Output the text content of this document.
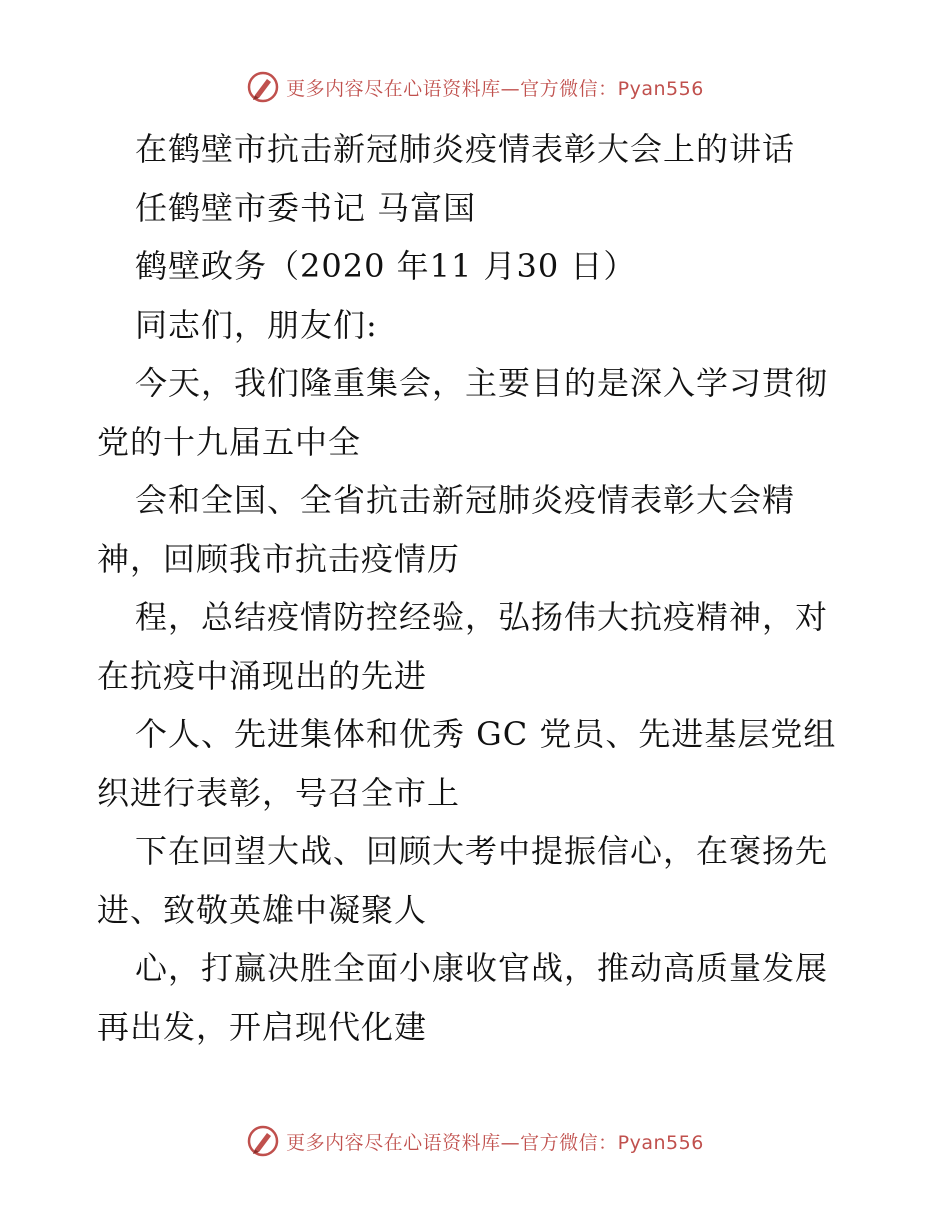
更多内容尽在心语资料库—官方微信：Pyan556
在鹤壁市抗击新冠肺炎疫情表彰大会上的讲话
任鹤壁市委书记 马富国
鹤壁政务（2020 年11 月30 日）
同志们，朋友们:
今天，我们隆重集会，主要目的是深入学习贯彻
党的十九届五中全
会和全国、全省抗击新冠肺炎疫情表彰大会精
神，回顾我市抗击疫情历
程，总结疫情防控经验，弘扬伟大抗疫精神，对
在抗疫中涌现出的先进
个人、先进集体和优秀 GC 党员、先进基层党组
织进行表彰，号召全市上
下在回望大战、回顾大考中提振信心，在褒扬先
进、致敬英雄中凝聚人
心，打赢决胜全面小康收官战，推动高质量发展
再出发，开启现代化建
更多内容尽在心语资料库—官方微信：Pyan556
